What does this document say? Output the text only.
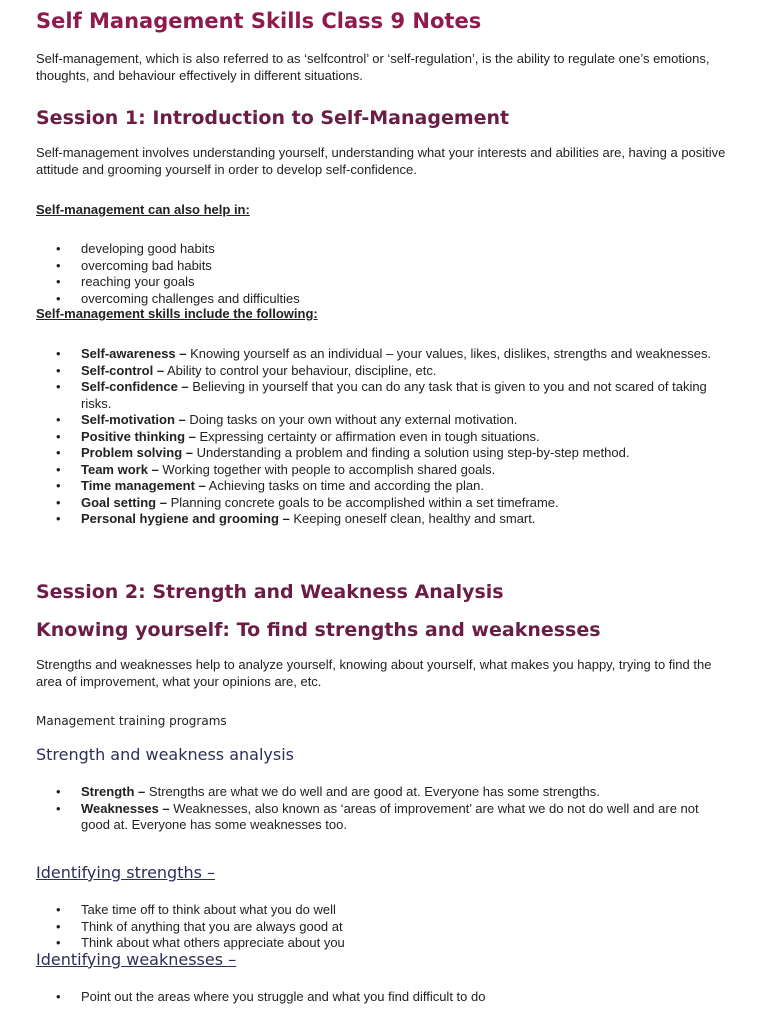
Self Management Skills Class 9 Notes

Self-management, which is also referred to as ‘selfcontrol’ or ‘self-regulation’, is the ability to regulate one’s emotions, thoughts, and behaviour effectively in different situations.

Session 1: Introduction to Self-Management

Self-management involves understanding yourself, understanding what your interests and abilities are, having a positive attitude and grooming yourself in order to develop self-confidence.

Self-management can also help in:
• developing good habits
• overcoming bad habits
• reaching your goals
• overcoming challenges and difficulties
Self-management skills include the following:
• Self-awareness – Knowing yourself as an individual – your values, likes, dislikes, strengths and weaknesses.
• Self-control – Ability to control your behaviour, discipline, etc.
• Self-confidence – Believing in yourself that you can do any task that is given to you and not scared of taking risks.
• Self-motivation – Doing tasks on your own without any external motivation.
• Positive thinking – Expressing certainty or affirmation even in tough situations.
• Problem solving – Understanding a problem and finding a solution using step-by-step method.
• Team work – Working together with people to accomplish shared goals.
• Time management – Achieving tasks on time and according the plan.
• Goal setting – Planning concrete goals to be accomplished within a set timeframe.
• Personal hygiene and grooming – Keeping oneself clean, healthy and smart.
Session 2: Strength and Weakness Analysis
Knowing yourself: To find strengths and weaknesses

Strengths and weaknesses help to analyze yourself, knowing about yourself, what makes you happy, trying to find the area of improvement, what your opinions are, etc.

Management training programs
Strength and weakness analysis
• Strength – Strengths are what we do well and are good at. Everyone has some strengths.
• Weaknesses – Weaknesses, also known as ‘areas of improvement’ are what we do not do well and are not good at. Everyone has some weaknesses too.
Identifying strengths –
• Take time off to think about what you do well
• Think of anything that you are always good at
• Think about what others appreciate about you
Identifying weaknesses –
• Point out the areas where you struggle and what you find difficult to do
